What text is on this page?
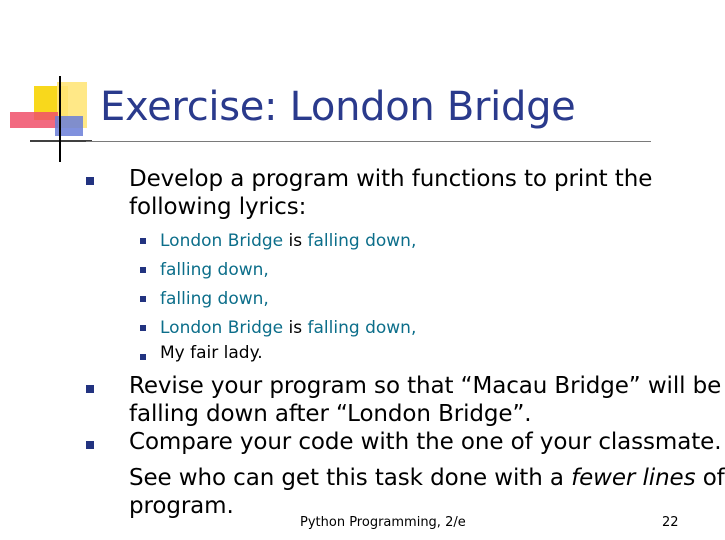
Exercise: London Bridge
Develop a program with functions to print the
following lyrics:
London Bridge is falling down,
falling down,
falling down,
London Bridge is falling down,
My fair lady.
Revise your program so that “Macau Bridge” will be
falling down after “London Bridge”.
Compare your code with the one of your classmate.
See who can get this task done with a fewer lines of
program.
Python Programming, 2/e	22
